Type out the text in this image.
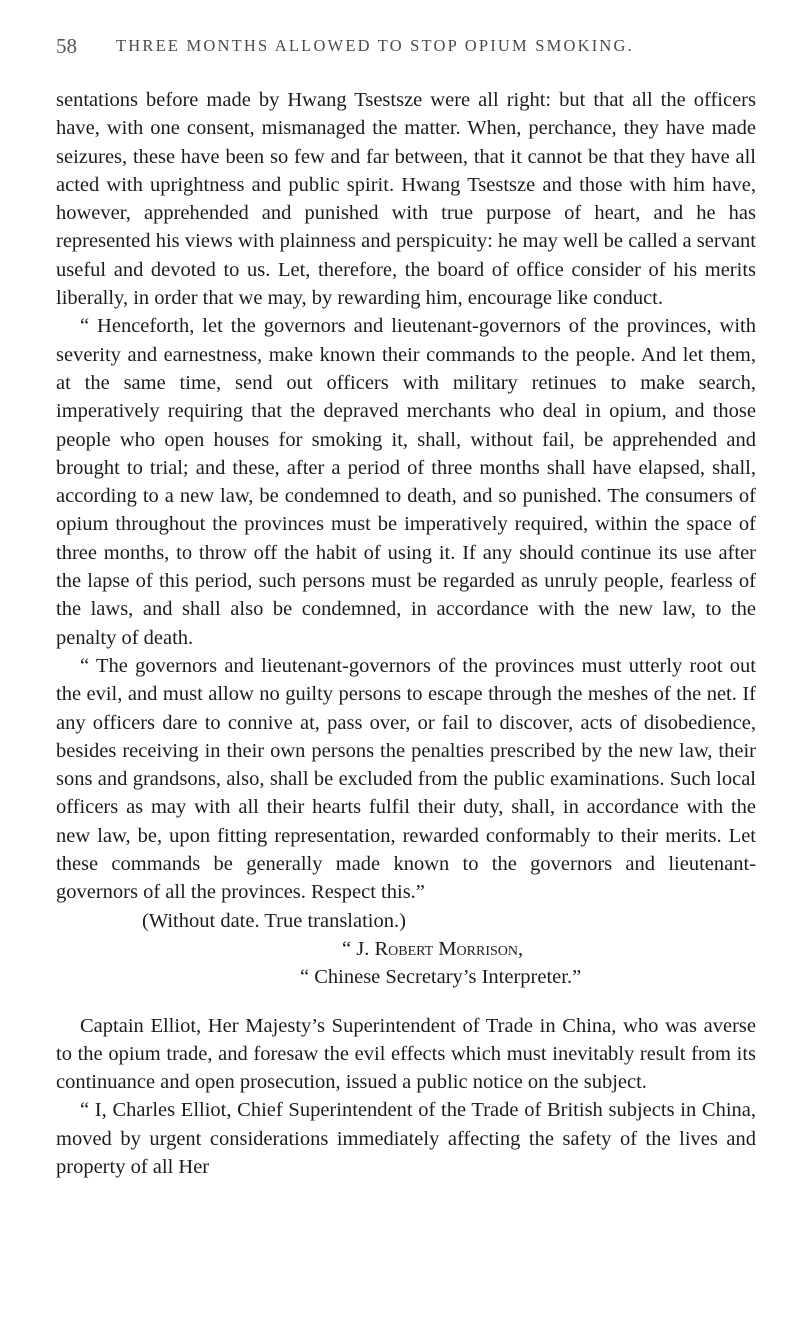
58 THREE MONTHS ALLOWED TO STOP OPIUM SMOKING.

sentations before made by Hwang Tsestsze were all right: but that all the officers have, with one consent, mismanaged the matter. When, perchance, they have made seizures, these have been so few and far between, that it cannot be that they have all acted with uprightness and public spirit. Hwang Tsestsze and those with him have, however, apprehended and punished with true purpose of heart, and he has represented his views with plainness and perspicuity: he may well be called a servant useful and devoted to us. Let, therefore, the board of office consider of his merits liberally, in order that we may, by rewarding him, encourage like conduct.

“ Henceforth, let the governors and lieutenant-governors of the provinces, with severity and earnestness, make known their commands to the people. And let them, at the same time, send out officers with military retinues to make search, imperatively requiring that the depraved merchants who deal in opium, and those people who open houses for smoking it, shall, without fail, be apprehended and brought to trial; and these, after a period of three months shall have elapsed, shall, according to a new law, be condemned to death, and so punished. The consumers of opium throughout the provinces must be imperatively required, within the space of three months, to throw off the habit of using it. If any should continue its use after the lapse of this period, such persons must be regarded as unruly people, fearless of the laws, and shall also be condemned, in accordance with the new law, to the penalty of death.

“ The governors and lieutenant-governors of the provinces must utterly root out the evil, and must allow no guilty persons to escape through the meshes of the net. If any officers dare to connive at, pass over, or fail to discover, acts of disobedience, besides receiving in their own persons the penalties prescribed by the new law, their sons and grandsons, also, shall be excluded from the public examinations. Such local officers as may with all their hearts fulfil their duty, shall, in accordance with the new law, be, upon fitting representation, rewarded conformably to their merits. Let these commands be generally made known to the governors and lieutenant-governors of all the provinces. Respect this.”

(Without date. True translation.)

“ J. Robert Morrison,

“ Chinese Secretary’s Interpreter.”

Captain Elliot, Her Majesty’s Superintendent of Trade in China, who was averse to the opium trade, and foresaw the evil effects which must inevitably result from its continuance and open prosecution, issued a public notice on the subject.

“ I, Charles Elliot, Chief Superintendent of the Trade of British subjects in China, moved by urgent considerations immediately affecting the safety of the lives and property of all Her
